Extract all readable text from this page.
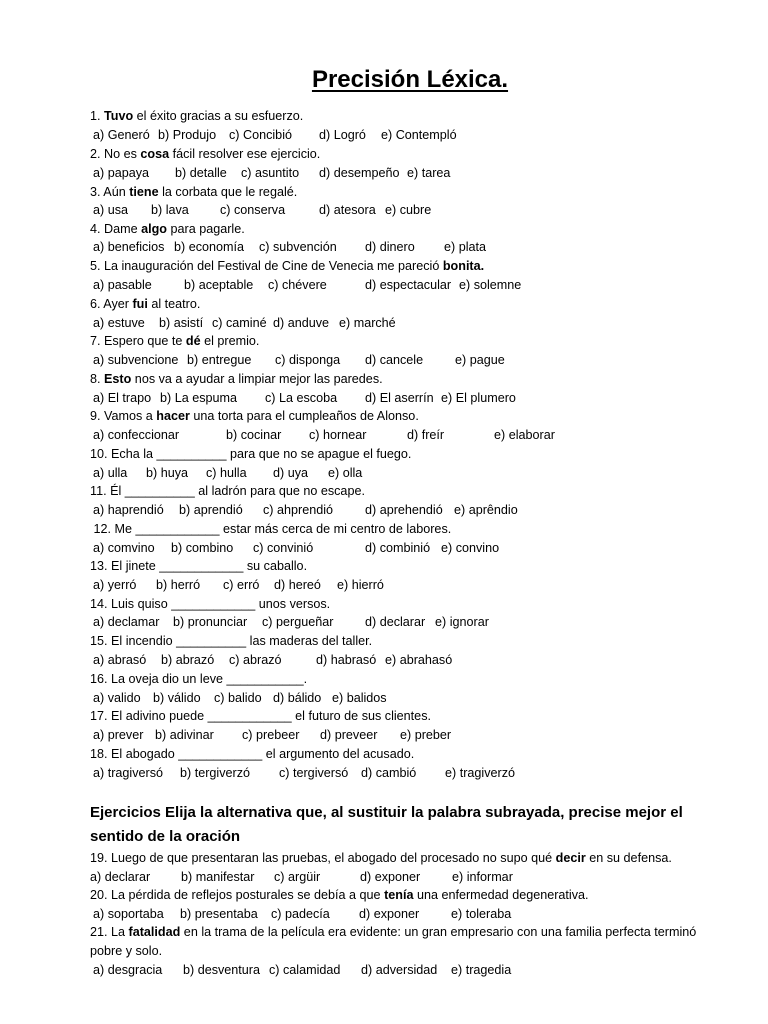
Precisión Léxica.
1. Tuvo el éxito gracias a su esfuerzo.
a) Generó b) Produjo c) Concibió d) Logró e) Contempló
2. No es cosa fácil resolver ese ejercicio.
a) papaya b) detalle c) asuntito d) desempeño e) tarea
3. Aún tiene la corbata que le regalé.
a) usa b) lava c) conserva	d) atesora e) cubre
4. Dame algo para pagarle.
a) beneficios b) economía c) subvención d) dinero e) plata
5. La inauguración del Festival de Cine de Venecia me pareció bonita.
a) pasable	b) aceptable c) chévere	d) espectacular e) solemne
6. Ayer fui al teatro.
a) estuve b) asistí c) caminé d) anduve e) marché
7. Espero que te dé el premio.
a) subvencione b) entregue c) disponga d) cancele	e) pague
8. Esto nos va a ayudar a limpiar mejor las paredes.
a) El trapo b) La espuma c) La escoba d) El aserrín e) El plumero
9. Vamos a hacer una torta para el cumpleaños de Alonso.
a) confeccionar	b) cocinar c) hornear	d) freír	e) elaborar
10. Echa la __________ para que no se apague el fuego.
a) ulla b) huya c) hulla d) uya e) olla
11. Él __________ al ladrón para que no escape.
a) haprendió b) aprendió c) ahprendió	d) aprehendió e) aprêndio
12. Me ____________ estar más cerca de mi centro de labores.
a) comvino b) combino c) convinió	d) combinió e) convino
13. El jinete ____________ su caballo.
a) yerró b) herró c) erró d) hereó e) hierró
14. Luis quiso ____________ unos versos.
a) declamar b) pronunciar c) pergueñar	d) declarar e) ignorar
15. El incendio __________ las maderas del taller.
a) abrasó b) abrazó c) abrazó	d) habrasó e) abrahasó
16. La oveja dio un leve ___________.
a) valido b) válido c) balido d) bálido e) balidos
17. El adivino puede ____________ el futuro de sus clientes.
a) prever b) adivinar c) prebeer d) preveer e) preber
18. El abogado ____________ el argumento del acusado.
a) tragiversó b) tergiverzó c) tergiversó d) cambió e) tragiverzó
Ejercicios Elija la alternativa que, al sustituir la palabra subrayada, precise mejor el
sentido de la oración
19. Luego de que presentaran las pruebas, el abogado del procesado no supo qué decir en su defensa.
a) declarar b) manifestar c) argüir	d) exponer	e) informar
20. La pérdida de reflejos posturales se debía a que tenía una enfermedad degenerativa.
a) soportaba b) presentaba c) padecía d) exponer	e) toleraba
21. La fatalidad en la trama de la película era evidente: un gran empresario con una familia perfecta terminó
pobre y solo.
a) desgracia b) desventura c) calamidad d) adversidad e) tragedia
